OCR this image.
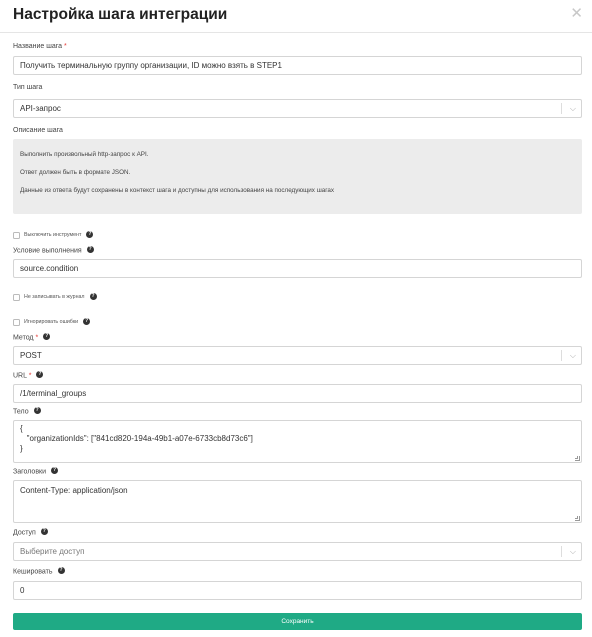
Настройка шага интеграции	✕
Название шага *
Получить терминальную группу организации, ID можно взять в STEP1
Тип шага
API-запрос	⌵
Описание шага
Выполнить произвольный http-запрос к API.
Ответ должен быть в формате JSON.
Данные из ответа будут сохранены в контекст шага и доступны для использования на последующих шагах
Выключить инструмент	?
Условие выполнения ?
source.condition
Не записывать в журнал	?
Игнорировать ошибки	?
Метод * ?
POST	⌵
URL * ?
/1/terminal_groups
Тело ?
{
"organizationIds": ["841cd820-194a-49b1-a07e-6733cb8d73c6"]
}
Заголовки ?
Content-Type: application/json
Доступ ?
Выберите доступ	⌵
Кешировать ?
0
Сохранить
